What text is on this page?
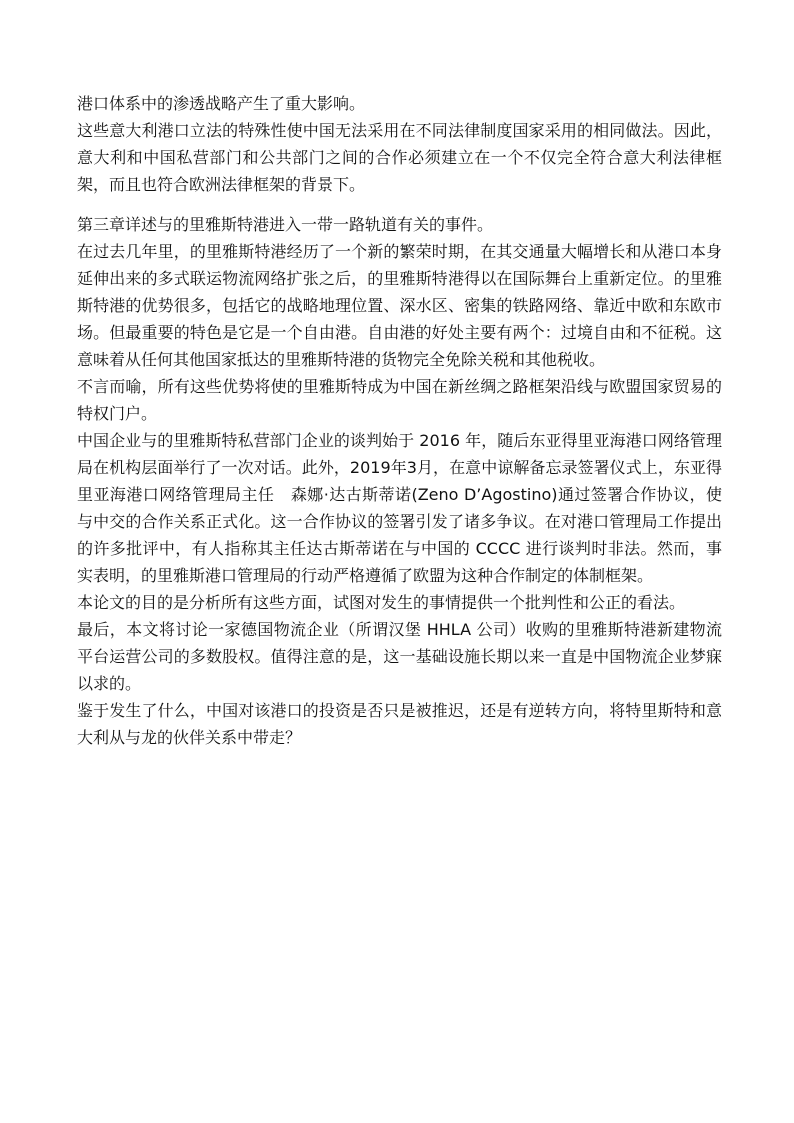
港口体系中的渗透战略产生了重大影响。

这些意大利港口立法的特殊性使中国无法采用在不同法律制度国家采用的相同做法。因此，意大利和中国私营部门和公共部门之间的合作必须建立在一个不仅完全符合意大利法律框架，而且也符合欧洲法律框架的背景下。

第三章详述与的里雅斯特港进入一带一路轨道有关的事件。

在过去几年里，的里雅斯特港经历了一个新的繁荣时期，在其交通量大幅增长和从港口本身延伸出来的多式联运物流网络扩张之后，的里雅斯特港得以在国际舞台上重新定位。的里雅斯特港的优势很多，包括它的战略地理位置、深水区、密集的铁路网络、靠近中欧和东欧市场。但最重要的特色是它是一个自由港。自由港的好处主要有两个：过境自由和不征税。这意味着从任何其他国家抵达的里雅斯特港的货物完全免除关税和其他税收。

不言而喻，所有这些优势将使的里雅斯特成为中国在新丝绸之路框架沿线与欧盟国家贸易的特权门户。

中国企业与的里雅斯特私营部门企业的谈判始于 2016 年，随后东亚得里亚海港口网络管理局在机构层面举行了一次对话。此外，2019年3月，在意中谅解备忘录签署仪式上，东亚得里亚海港口网络管理局主任　森娜·达古斯蒂诺(Zeno D’Agostino)通过签署合作协议，使与中交的合作关系正式化。这一合作协议的签署引发了诸多争议。在对港口管理局工作提出的许多批评中，有人指称其主任达古斯蒂诺在与中国的 CCCC 进行谈判时非法。然而，事实表明，的里雅斯港口管理局的行动严格遵循了欧盟为这种合作制定的体制框架。

本论文的目的是分析所有这些方面，试图对发生的事情提供一个批判性和公正的看法。

最后，本文将讨论一家德国物流企业（所谓汉堡 HHLA 公司）收购的里雅斯特港新建物流平台运营公司的多数股权。值得注意的是，这一基础设施长期以来一直是中国物流企业梦寐以求的。

鉴于发生了什么，中国对该港口的投资是否只是被推迟，还是有逆转方向，将特里斯特和意大利从与龙的伙伴关系中带走？
